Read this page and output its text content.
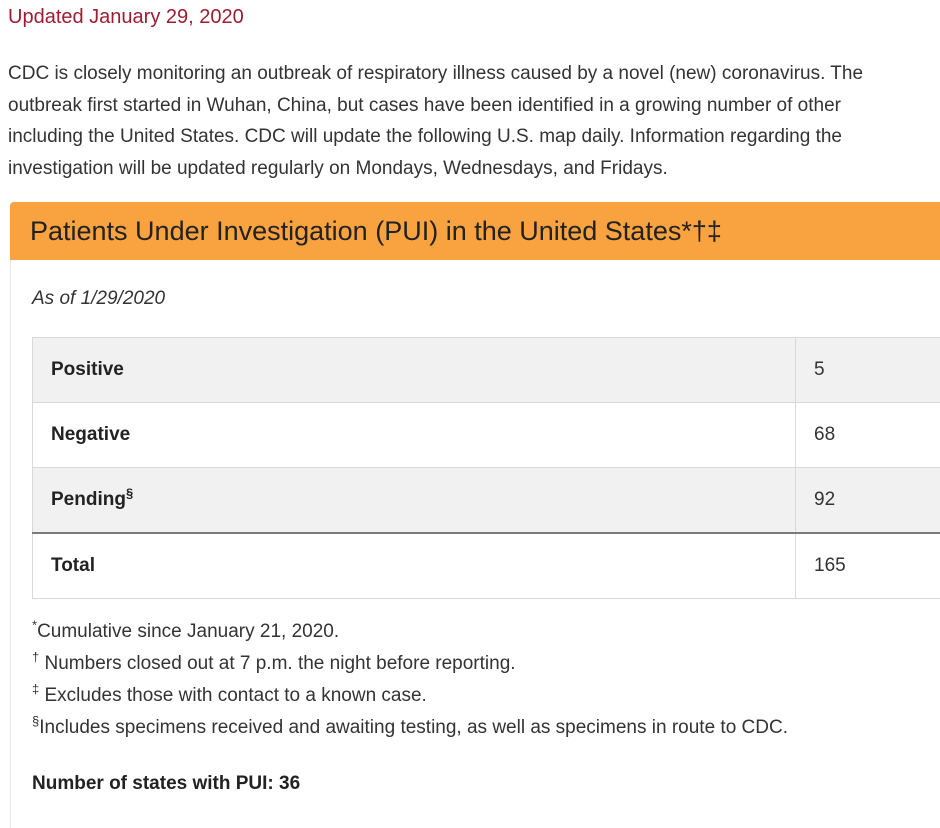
Updated January 29, 2020
CDC is closely monitoring an outbreak of respiratory illness caused by a novel (new) coronavirus. The
outbreak first started in Wuhan, China, but cases have been identified in a growing number of other
including the United States. CDC will update the following U.S. map daily. Information regarding the
investigation will be updated regularly on Mondays, Wednesdays, and Fridays.
Patients Under Investigation (PUI) in the United States*†‡
As of 1/29/2020
Positive	5
Negative	68
Pending§	92
Total	165
*Cumulative since January 21, 2020.
† Numbers closed out at 7 p.m. the night before reporting.
‡ Excludes those with contact to a known case.
§Includes specimens received and awaiting testing, as well as specimens in route to CDC.
Number of states with PUI: 36
